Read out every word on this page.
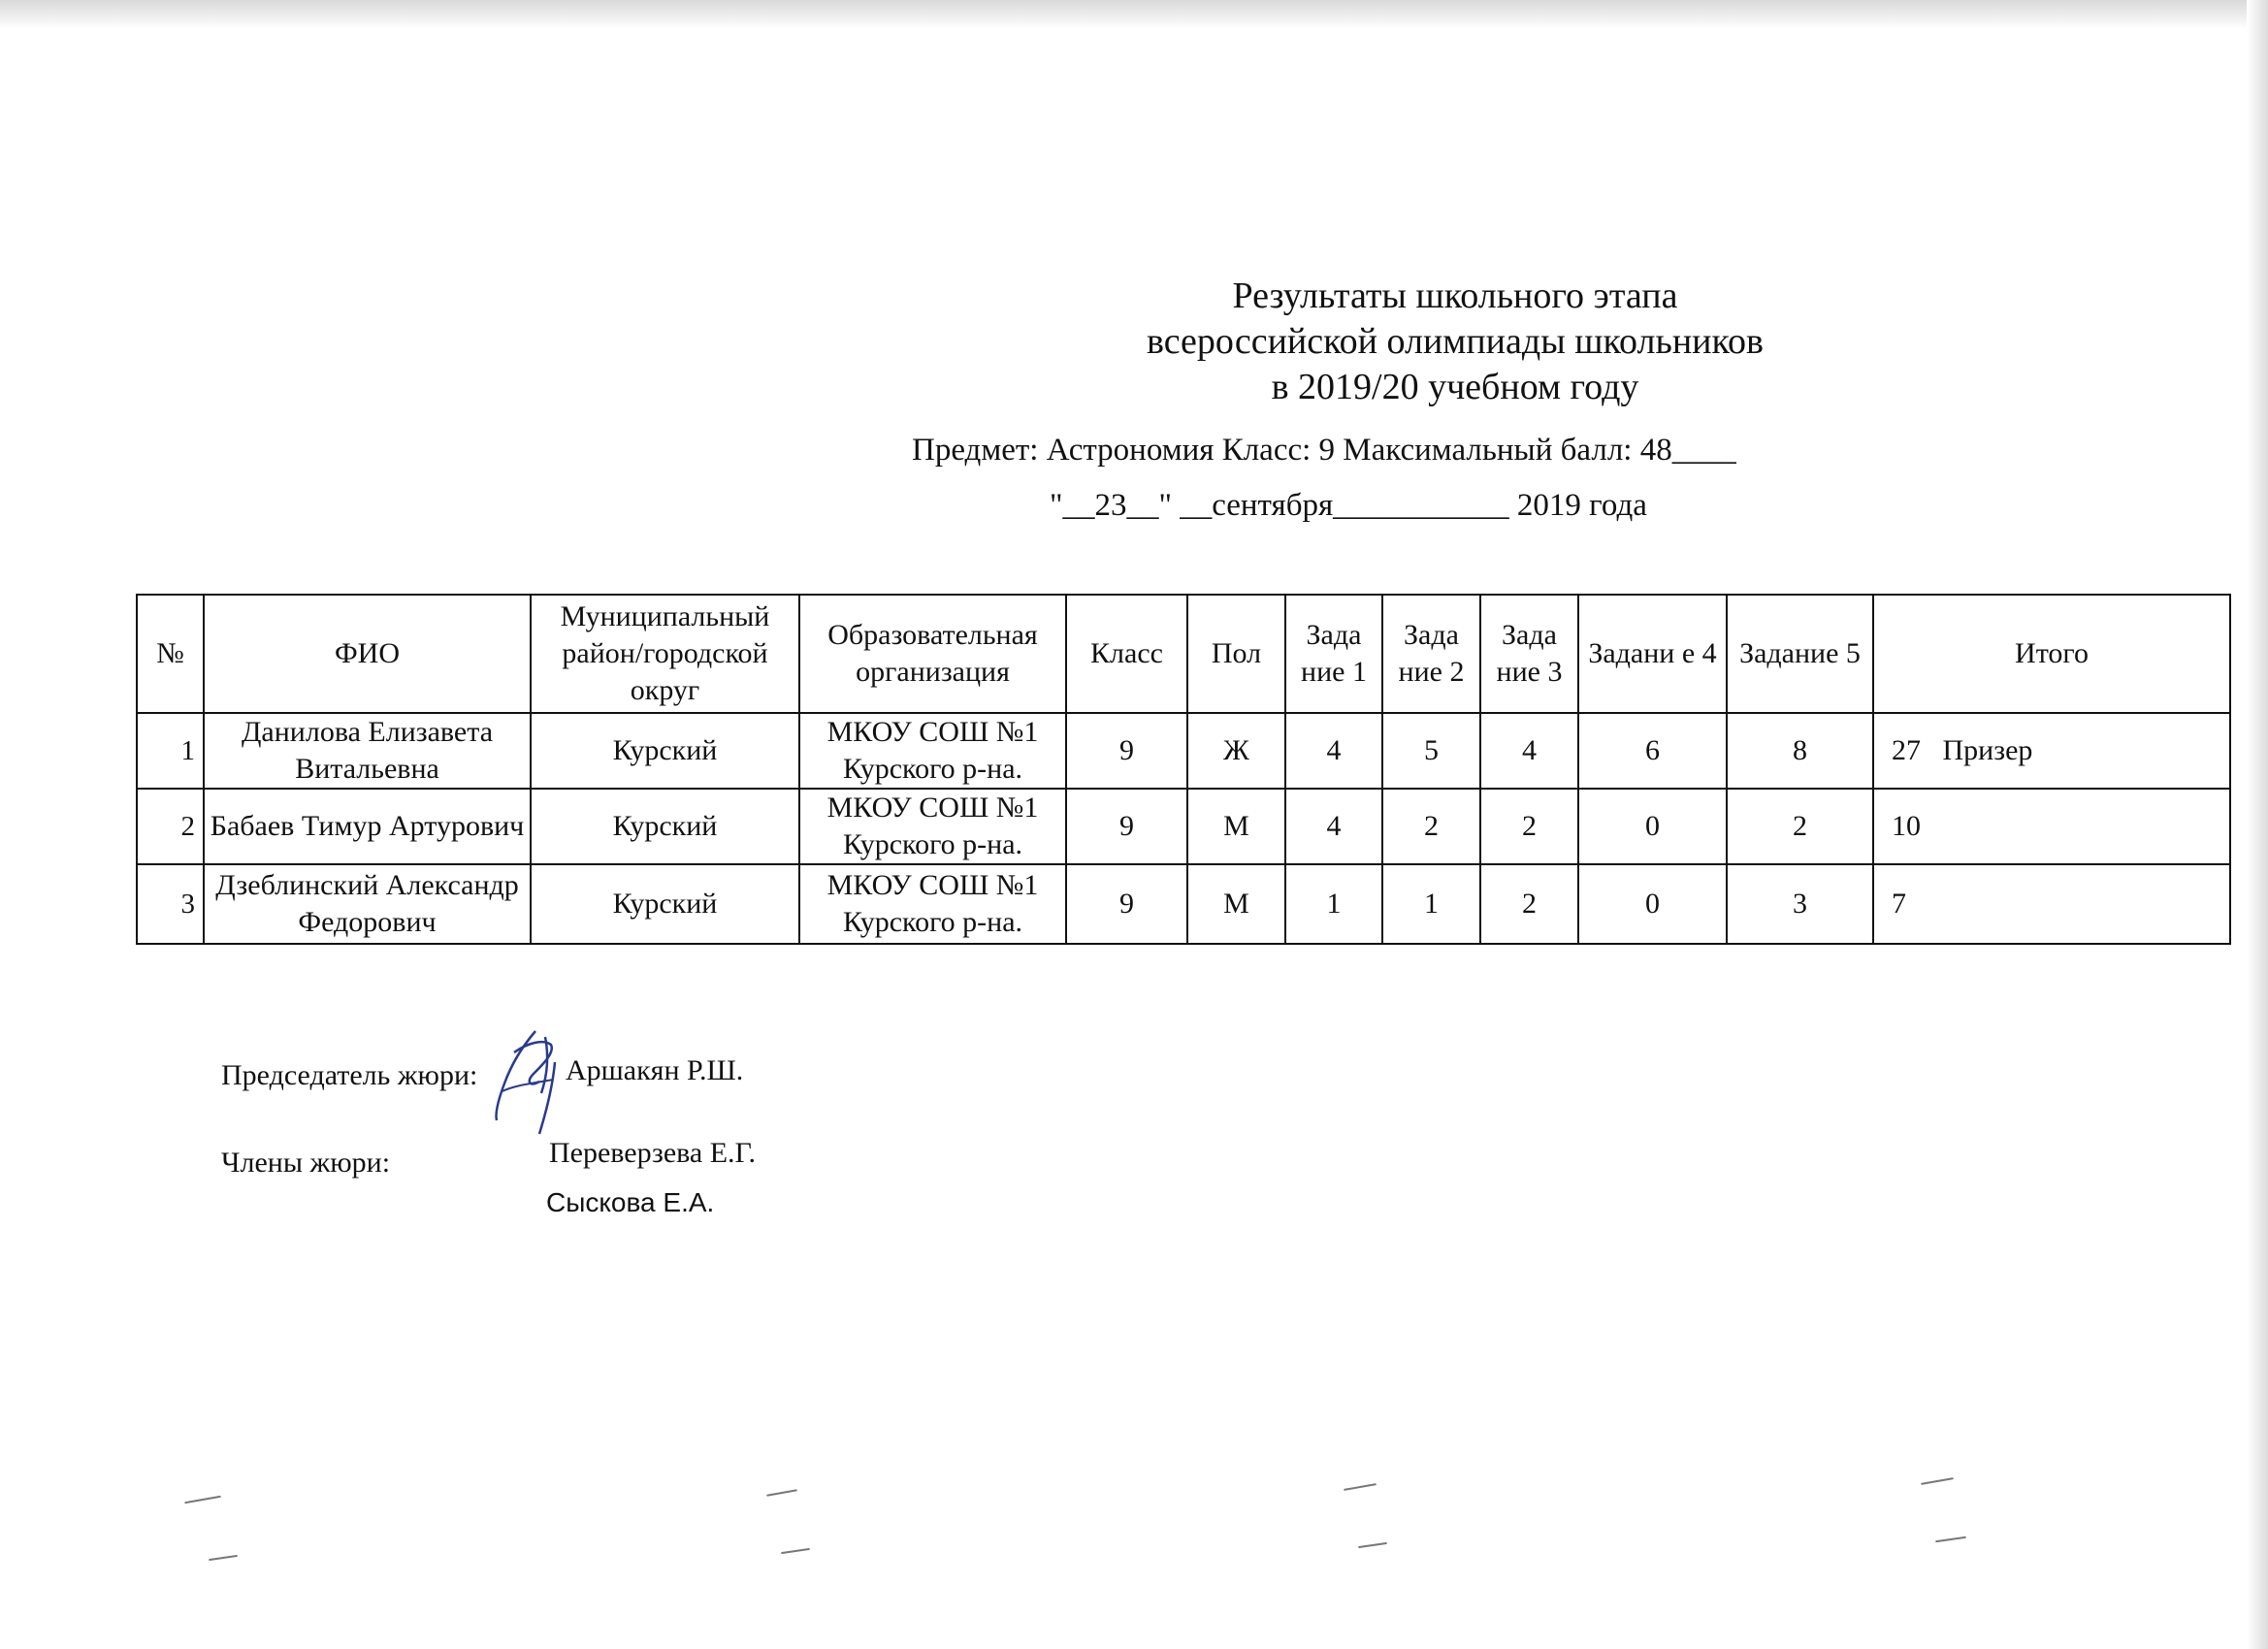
Результаты школьного этапа
всероссийской олимпиады школьников
в 2019/20 учебном году
Предмет: Астрономия Класс: 9 Максимальный балл: 48____
"__23__" __сентября___________ 2019 года
№	ФИО	Муниципальный район/городской округ	Образовательная организация	Класс	Пол	Зада ние 1	Зада ние 2	Зада ние 3	Задани е 4	Задание 5	Итого
1	Данилова Елизавета Витальевна	Курский	МКОУ СОШ №1 Курского р-на.	9	Ж	4	5	4	6	8	27   Призер
2	Бабаев Тимур Артурович	Курский	МКОУ СОШ №1 Курского р-на.	9	М	4	2	2	0	2	10
3	Дзеблинский Александр Федорович	Курский	МКОУ СОШ №1 Курского р-на.	9	М	1	1	2	0	3	7
Председатель жюри:	Аршакян Р.Ш.
Члены жюри:	Переверзева Е.Г.
Сыскова Е.А.
